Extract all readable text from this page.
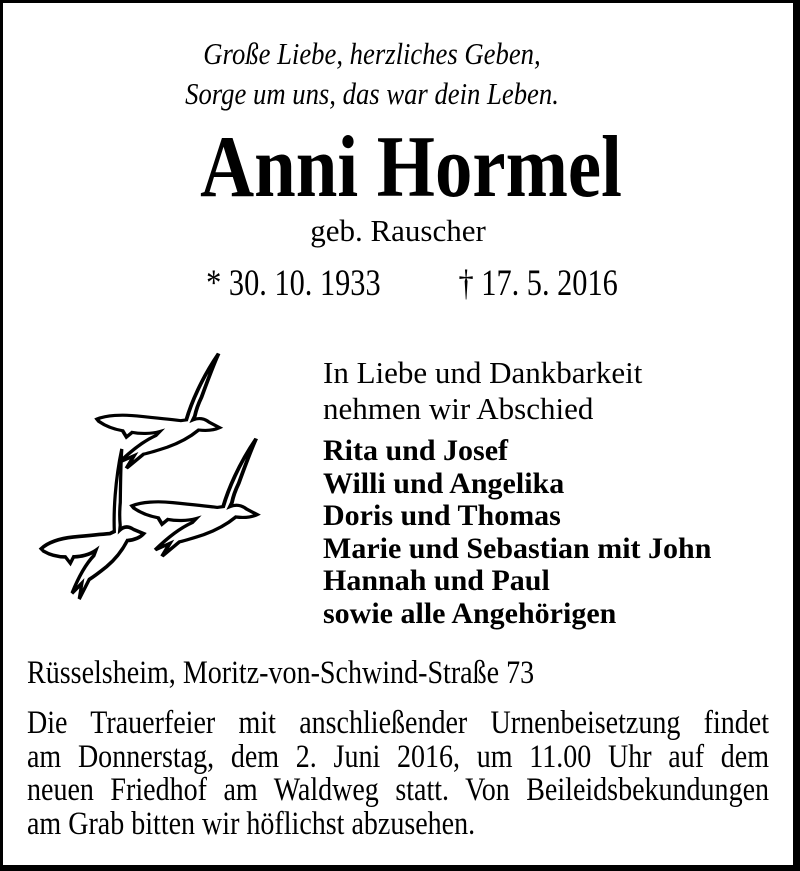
Große Liebe, herzliches Geben,
Sorge um uns, das war dein Leben.
Anni Hormel
geb. Rauscher
* 30. 10. 1933 † 17. 5. 2016
In Liebe und Dankbarkeit
nehmen wir Abschied
Rita und Josef
Willi und Angelika
Doris und Thomas
Marie und Sebastian mit John
Hannah und Paul
sowie alle Angehörigen
Rüsselsheim, Moritz-von-Schwind-Straße 73
Die Trauerfeier mit anschließender Urnenbeisetzung findet
am Donnerstag, dem 2. Juni 2016, um 11.00 Uhr auf dem
neuen Friedhof am Waldweg statt. Von Beileidsbekundungen
am Grab bitten wir höflichst abzusehen.
